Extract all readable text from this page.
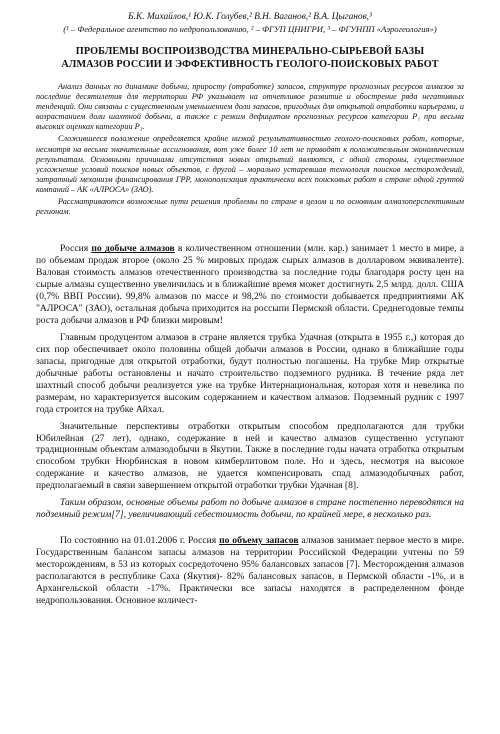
Б.К. Михайлов,¹ Ю.К. Голубев,² В.Н. Ваганов,² В.А. Цыганов,³
(¹ – Федеральное агентство по недропользованию, ² – ФГУП ЦНИГРИ, ³ – ФГУНПП «Аэрогеология»)
ПРОБЛЕМЫ ВОСПРОИЗВОДСТВА МИНЕРАЛЬНО-СЫРЬЕВОЙ БАЗЫ
АЛМАЗОВ РОССИИ И ЭФФЕКТИВНОСТЬ ГЕОЛОГО-ПОИСКОВЫХ РАБОТ

Анализ данных по динамике добычи, приросту (отработке) запасов, структуре прогнозных ресурсов алмазов за последние десятилетия для территории РФ указывает на отчетливое развитие и обострение ряда негативных тенденций. Они связаны с существенным уменьшением доли запасов, пригодных для открытой отработки карьерами, и возрастанием доли шахтной добычи, а также с резким дефицитом прогнозных ресурсов категории P₁ при весьма высоких оценках категории P₃.

Сложившееся положение определяется крайне низкой результативностью геолого-поисковых работ, которые, несмотря на весьма значительные ассигнования, вот уже более 10 лет не приводят к положительным экономическим результатам. Основными причинами отсутствия новых открытий являются, с одной стороны, существенное усложнение условий поисков новых объектов, с другой – морально устаревшая технология поисков месторождений, затратный механизм финансирования ГРР, монополизация практически всех поисковых работ в стране одной группой компаний – АК «АЛРОСА» (ЗАО).

Рассматриваются возможные пути решения проблемы по стране в целом и по основным алмазоперспективным регионам.

Россия по добыче алмазов в количественном отношении (млн. кар.) занимает 1 место в мире, а по объемам продаж второе (около 25 % мировых продаж сырых алмазов в долларовом эквиваленте). Валовая стоимость алмазов отечественного производства за последние годы благодаря росту цен на сырые алмазы существенно увеличилась и в ближайшие время может достигнуть 2,5 млрд. долл. США (0,7% ВВП России). 99,8% алмазов по массе и 98,2% по стоимости добывается предприятиями АК "АЛРОСА" (ЗАО), остальная добыча приходится на россыпи Пермской области. Среднегодовые темпы роста добычи алмазов в РФ близки мировым!

Главным продуцентом алмазов в стране является трубка Удачная (открыта в 1955 г.,) которая до сих пор обеспечивает около половины общей добычи алмазов в России, однако в ближайшие годы запасы, пригодные для открытой отработки, будут полностью погашены. На трубке Мир открытые добычные работы остановлены и начато строительство подземного рудника. В течение ряда лет шахтный способ добычи реализуется уже на трубке Интернациональная, которая хотя и невелика по размерам, но характеризуется высоким содержанием и качеством алмазов. Подземный рудник с 1997 года строится на трубке Айхал.

Значительные перспективы отработки открытым способом предполагаются для трубки Юбилейная (27 лет), однако, содержание в ней и качество алмазов существенно уступают традиционным объектам алмазодобычи в Якутии. Также в последние годы начата отработка открытым способом трубки Нюрбинская в новом кимберлитовом поле. Но и здесь, несмотря на высокое содержание и качество алмазов, не удается компенсировать спад алмазодобычных работ, предполагаемый в связи завершением открытой отработки трубки Удачная [8].

Таким образом, основные объемы работ по добыче алмазов в стране постепенно переводятся на подземный режим[7], увеличивающий себестоимость добычи, по крайней мере, в несколько раз.

По состоянию на 01.01.2006 г. Россия по объему запасов алмазов занимает первое место в мире. Государственным балансом запасы алмазов на территории Российской Федерации учтены по 59 месторождениям, в 53 из которых сосредоточено 95% балансовых запасов [7]. Месторождения алмазов располагаются в республике Саха (Якутия)- 82% балансовых запасов, в Пермской области -1%, и в Архангельской области -17%. Практически все запасы находятся в распределенном фонде недропользования. Основное количест-
